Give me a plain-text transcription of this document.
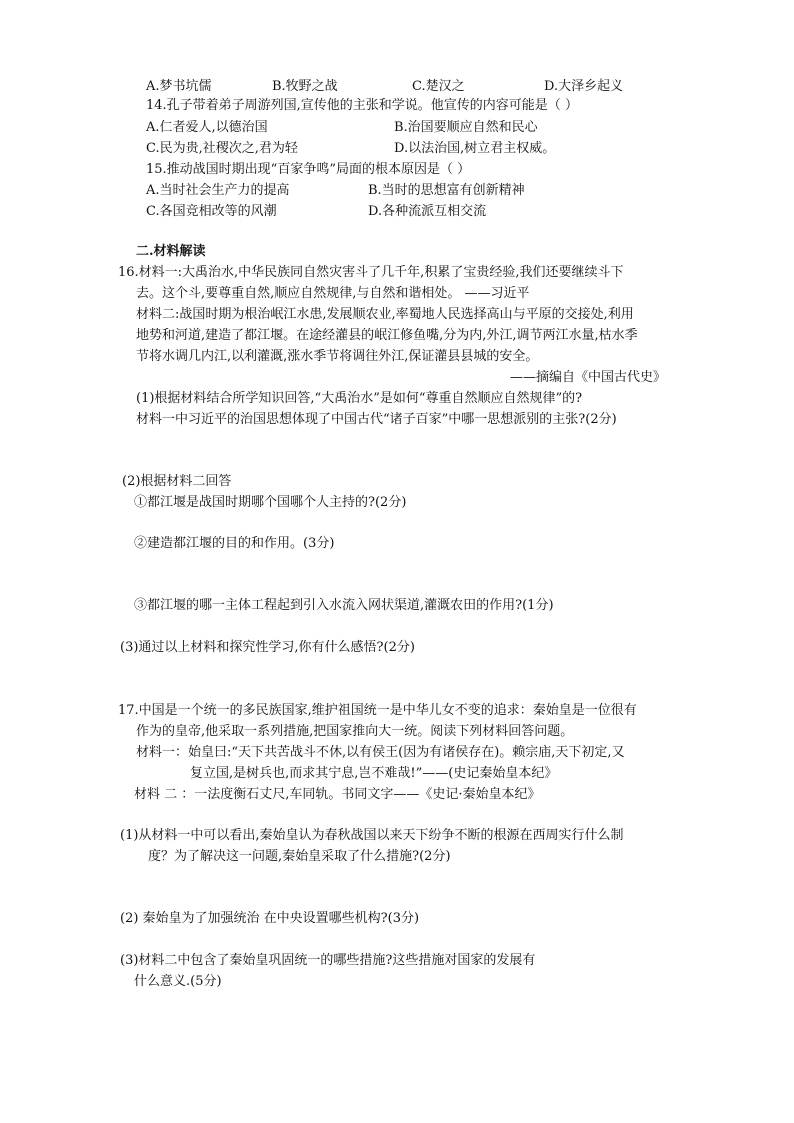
A.梦书坑儒	B.牧野之战	C.楚汉之	D.大泽乡起义
14.孔子带着弟子周游列国,宣传他的主张和学说。他宣传的内容可能是（ ）
A.仁者爱人,以德治国	B.治国要顺应自然和民心
C.民为贵,社稷次之,君为轻	D.以法治国,树立君主权威。
15.推动战国时期出现“百家争鸣”局面的根本原因是（ ）
A.当时社会生产力的提高	B.当时的思想富有创新精神
C.各国竞相改等的风潮	D.各种流派互相交流
二.材料解读
16.材料一:大禹治水,中华民族同自然灾害斗了几千年,积累了宝贵经验,我们还要继续斗下
去。这个斗,要尊重自然,顺应自然规律,与自然和谐相处。 ——习近平
材料二:战国时期为根治岷江水患,发展顺农业,率蜀地人民选择高山与平原的交接处,利用
地势和河道,建造了都江堰。在途经灌县的岷江修鱼嘴,分为内,外江,调节两江水量,枯水季
节将水调几内江,以利灌溉,涨水季节将调往外江,保证灌县县城的安全。
——摘编自《中国古代史》
(1)根据材料结合所学知识回答,“大禹治水”是如何“尊重自然顺应自然规律”的?
材料一中习近平的治国思想体现了中国古代“诸子百家”中哪一思想派别的主张?(2分)
(2)根据材料二回答
①都江堰是战国时期哪个国哪个人主持的?(2分)
②建造都江堰的目的和作用。(3分)
③都江堰的哪一主体工程起到引入水流入网状渠道,灌溉农田的作用?(1分)
(3)通过以上材料和探究性学习,你有什么感悟?(2分)
17.中国是一个统一的多民族国家,维护祖国统一是中华儿女不变的追求：秦始皇是一位很有
作为的皇帝,他采取一系列措施,把国家推向大一统。阅读下列材料回答问题。
材料一：始皇曰:“天下共苦战斗不休,以有侯王(因为有诸侯存在)。赖宗庙,天下初定,又
复立国,是树兵也,而求其宁息,岂不难哉!”——(史记秦始皇本纪》
材料 二 ：一法度衡石丈尺,车同轨。书同文字——《史记·秦始皇本纪》
(1)从材料一中可以看出,秦始皇认为春秋战国以来天下纷争不断的根源在西周实行什么制
度？为了解决这一问题,秦始皇采取了什么措施?(2分)
(2) 秦始皇为了加强统治 在中央设置哪些机构?(3分)
(3)材料二中包含了秦始皇巩固统一的哪些措施?这些措施对国家的发展有
什么意义.(5分)
